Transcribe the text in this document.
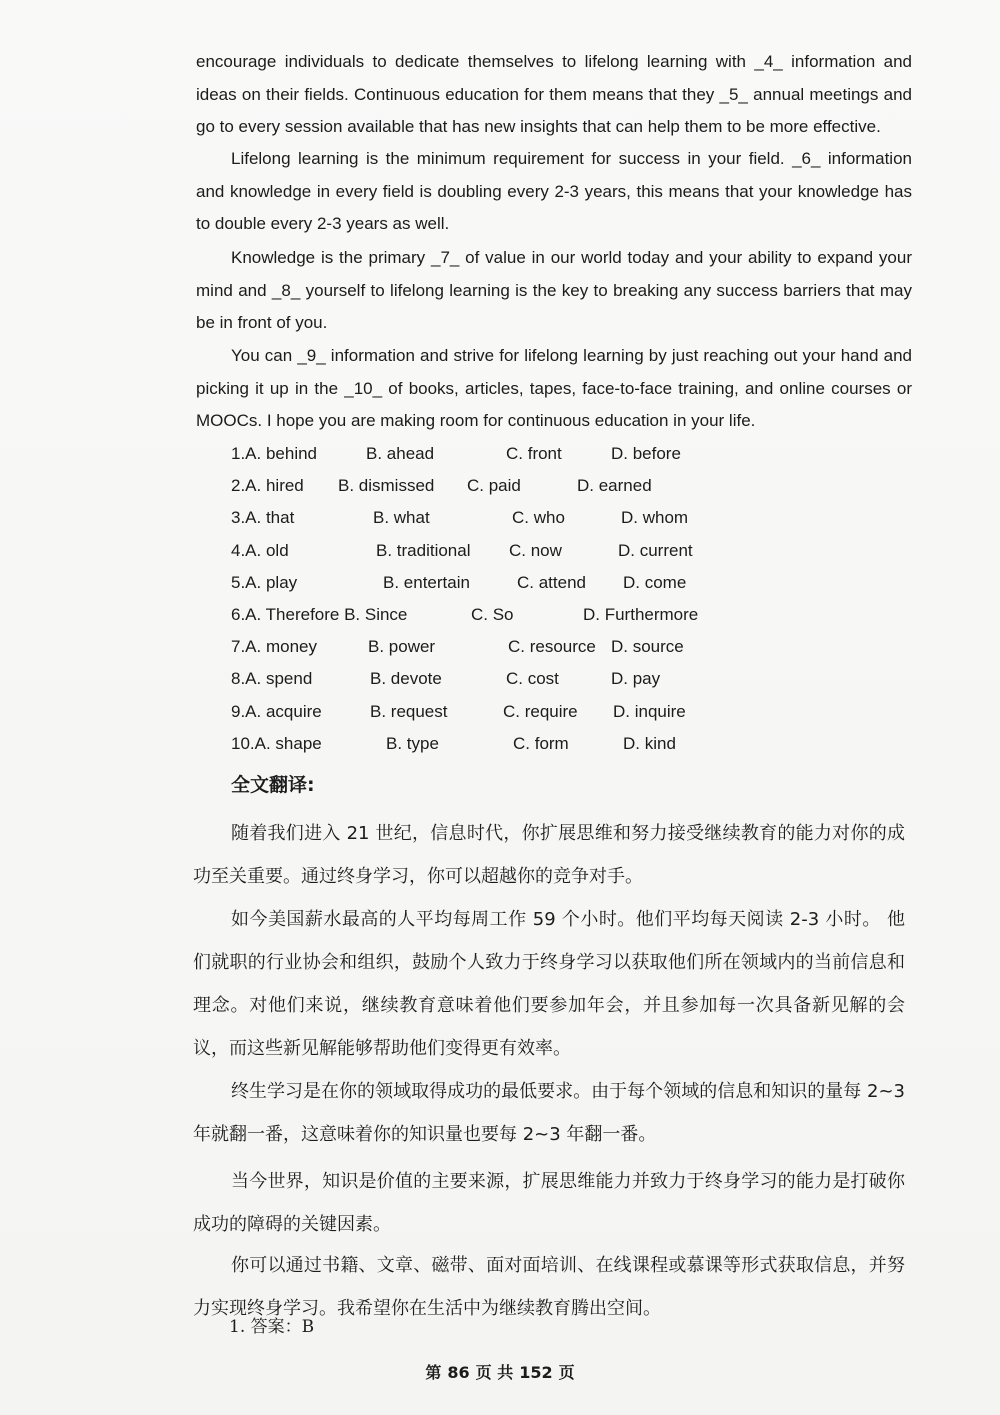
encourage individuals to dedicate themselves to lifelong learning with _4_ information and ideas on their fields. Continuous education for them means that they _5_ annual meetings and go to every session available that has new insights that can help them to be more effective.
Lifelong learning is the minimum requirement for success in your field. _6_ information and knowledge in every field is doubling every 2-3 years, this means that your knowledge has to double every 2-3 years as well.
Knowledge is the primary _7_ of value in our world today and your ability to expand your mind and _8_ yourself to lifelong learning is the key to breaking any success barriers that may be in front of you.
You can _9_ information and strive for lifelong learning by just reaching out your hand and picking it up in the _10_ of books, articles, tapes, face-to-face training, and online courses or MOOCs. I hope you are making room for continuous education in your life.
1.A. behind	B. ahead	C. front	D. before
2.A. hired B. dismissed C. paid	D. earned
3.A. that	B. what	C. who	D. whom
4.A. old	B. traditional C. now	D. current
5.A. play	B. entertain	C. attend D. come
6.A. Therefore B. Since	C. So	D. Furthermore
7.A. money	B. power	C. resource D. source
8.A. spend	B. devote	C. cost	D. pay
9.A. acquire	B. request	C. require D. inquire
10.A. shape	B. type	C. form	D. kind
全文翻译:
随着我们进入 21 世纪，信息时代，你扩展思维和努力接受继续教育的能力对你的成功至关重要。通过终身学习，你可以超越你的竞争对手。
如今美国薪水最高的人平均每周工作 59 个小时。他们平均每天阅读 2-3 小时。 他们就职的行业协会和组织，鼓励个人致力于终身学习以获取他们所在领域内的当前信息和理念。对他们来说，继续教育意味着他们要参加年会，并且参加每一次具备新见解的会议，而这些新见解能够帮助他们变得更有效率。
终生学习是在你的领域取得成功的最低要求。由于每个领域的信息和知识的量每 2~3 年就翻一番，这意味着你的知识量也要每 2~3 年翻一番。
当今世界，知识是价值的主要来源，扩展思维能力并致力于终身学习的能力是打破你成功的障碍的关键因素。
你可以通过书籍、文章、磁带、面对面培训、在线课程或慕课等形式获取信息，并努力实现终身学习。我希望你在生活中为继续教育腾出空间。
1. 答案：B
第 86 页 共 152 页
